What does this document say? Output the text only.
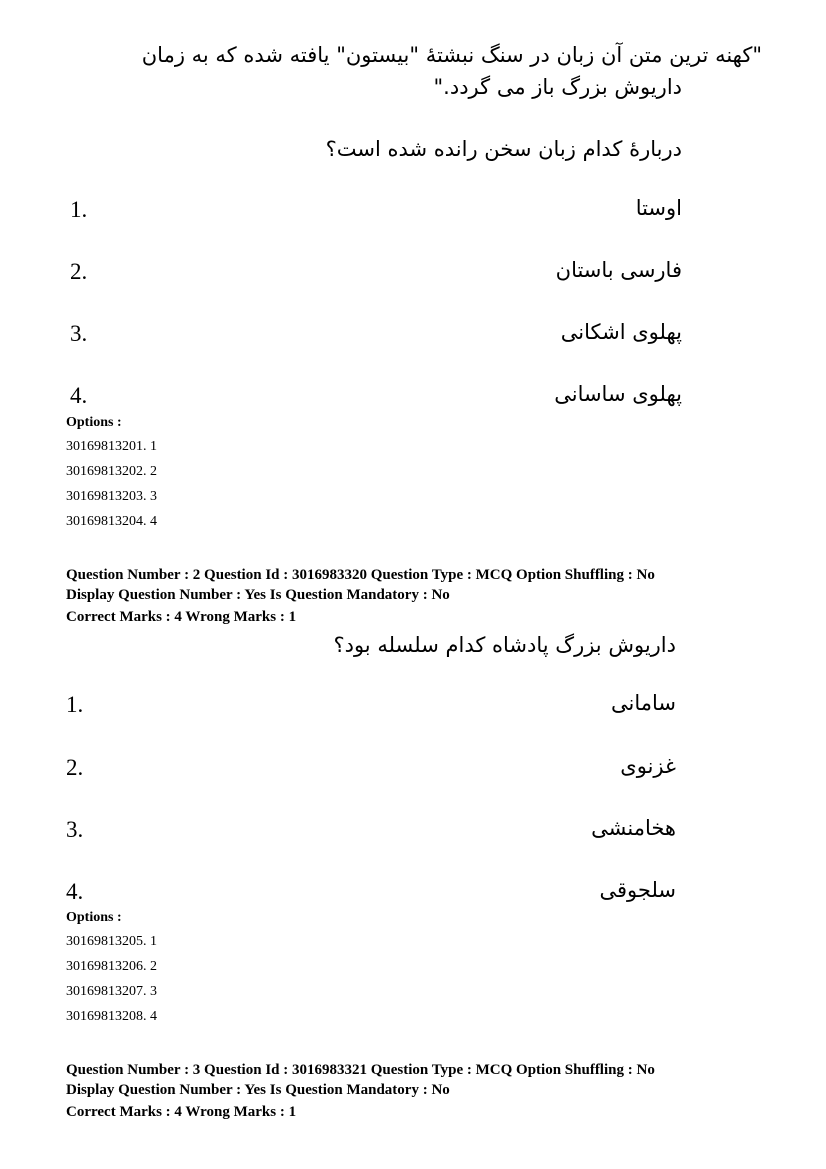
"کهنه ترین متن آن زبان در سنگ نبشتۀ "بیستون" یافته شده که به زمان
داریوش بزرگ باز می گردد."
دربارۀ کدام زبان سخن رانده شده است؟
1.	اوستا
2.	فارسی باستان
3.	پهلوی اشکانی
4.	پهلوی ساسانی
Options :
30169813201. 1
30169813202. 2
30169813203. 3
30169813204. 4
Question Number : 2 Question Id : 3016983320 Question Type : MCQ Option Shuffling : No
Display Question Number : Yes Is Question Mandatory : No
Correct Marks : 4 Wrong Marks : 1
داریوش بزرگ پادشاه کدام سلسله بود؟
1.	سامانی
2.	غزنوی
3.	هخامنشی
4.	سلجوقی
Options :
30169813205. 1
30169813206. 2
30169813207. 3
30169813208. 4
Question Number : 3 Question Id : 3016983321 Question Type : MCQ Option Shuffling : No
Display Question Number : Yes Is Question Mandatory : No
Correct Marks : 4 Wrong Marks : 1
